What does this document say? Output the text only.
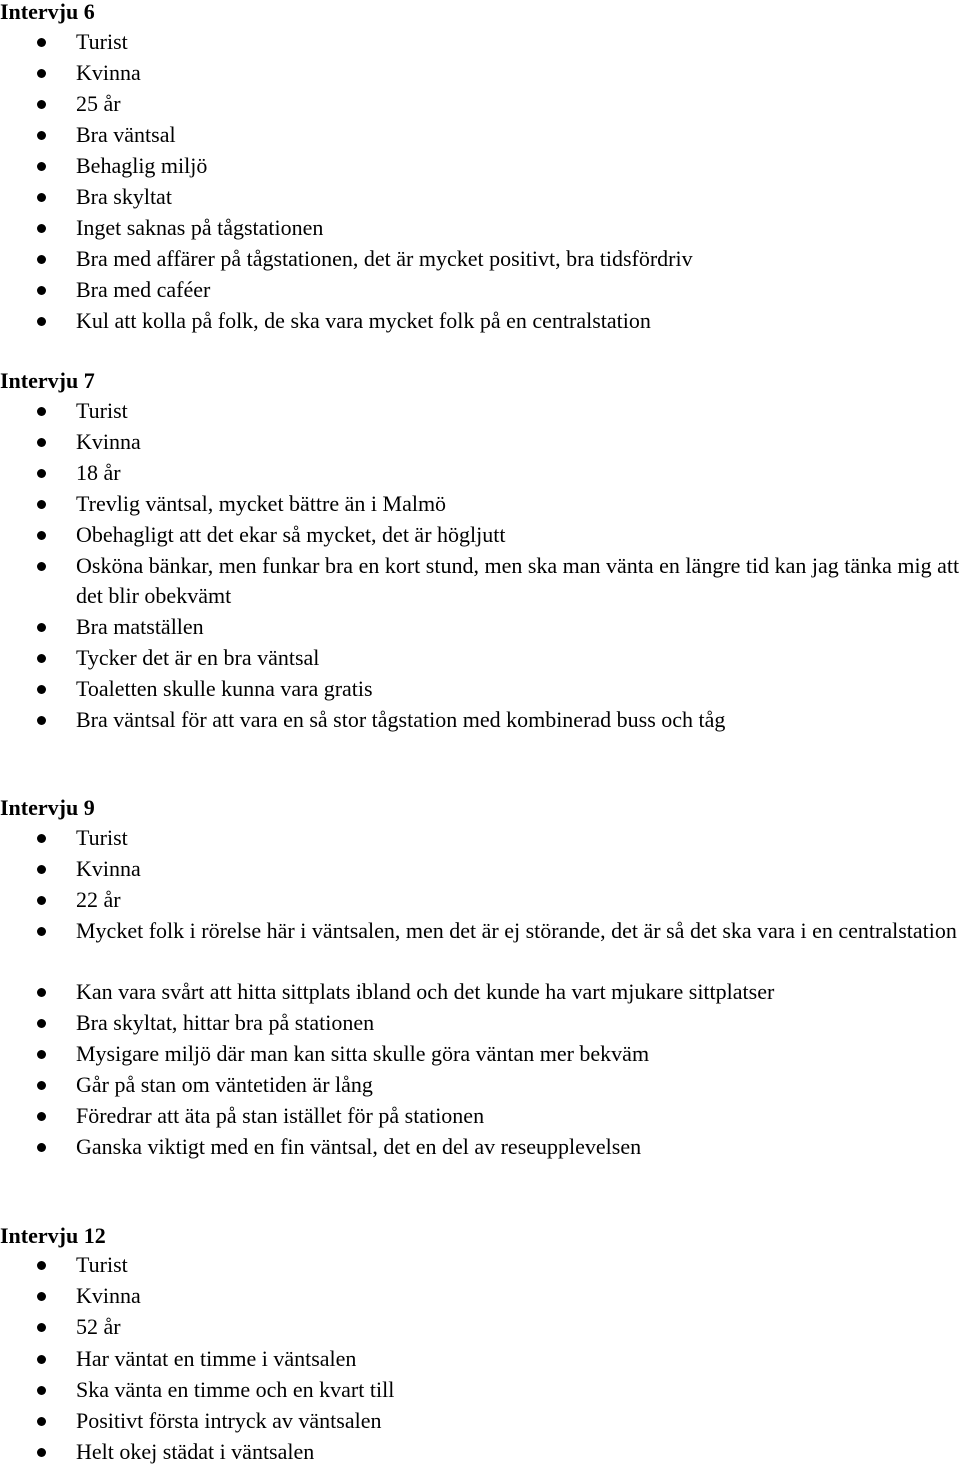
Intervju 6
Turist
Kvinna
25 år
Bra väntsal
Behaglig miljö
Bra skyltat
Inget saknas på tågstationen
Bra med affärer på tågstationen, det är mycket positivt, bra tidsfördriv
Bra med caféer
Kul att kolla på folk, de ska vara mycket folk på en centralstation
Intervju 7
Turist
Kvinna
18 år
Trevlig väntsal, mycket bättre än i Malmö
Obehagligt att det ekar så mycket, det är högljutt
Osköna bänkar, men funkar bra en kort stund, men ska man vänta en längre tid kan jag tänka mig att det blir obekvämt
Bra matställen
Tycker det är en bra väntsal
Toaletten skulle kunna vara gratis
Bra väntsal för att vara en så stor tågstation med kombinerad buss och tåg
Intervju 9
Turist
Kvinna
22 år
Mycket folk i rörelse här i väntsalen, men det är ej störande, det är så det ska vara i en centralstation
Kan vara svårt att hitta sittplats ibland och det kunde ha vart mjukare sittplatser
Bra skyltat, hittar bra på stationen
Mysigare miljö där man kan sitta skulle göra väntan mer bekväm
Går på stan om väntetiden är lång
Föredrar att äta på stan istället för på stationen
Ganska viktigt med en fin väntsal, det en del av reseupplevelsen
Intervju 12
Turist
Kvinna
52 år
Har väntat en timme i väntsalen
Ska vänta en timme och en kvart till
Positivt första intryck av väntsalen
Helt okej städat i väntsalen
